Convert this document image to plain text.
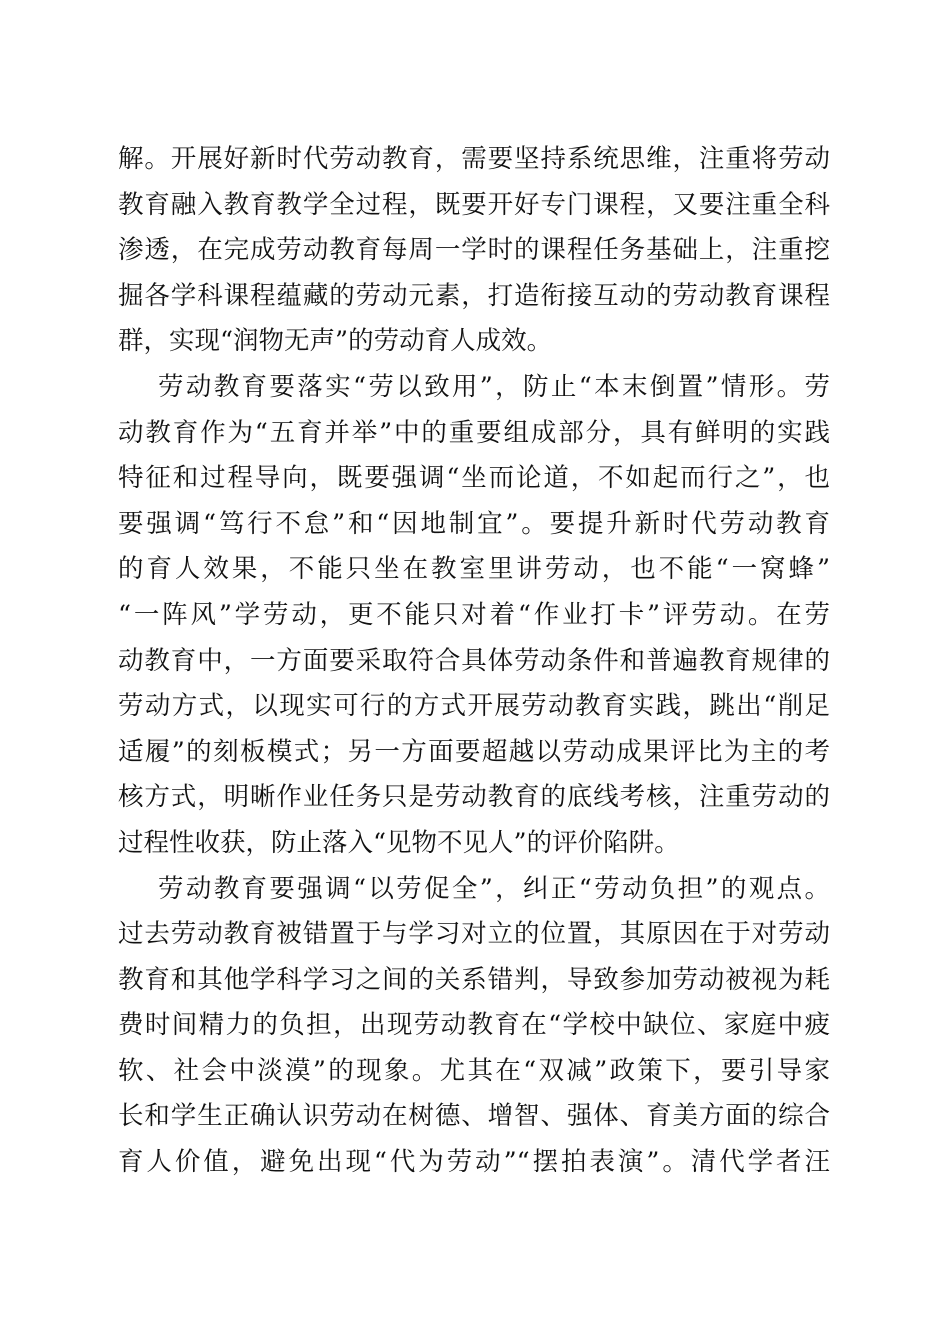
解。开展好新时代劳动教育，需要坚持系统思维，注重将劳动
教育融入教育教学全过程，既要开好专门课程，又要注重全科
渗透，在完成劳动教育每周一学时的课程任务基础上，注重挖
掘各学科课程蕴藏的劳动元素，打造衔接互动的劳动教育课程
群，实现“润物无声”的劳动育人成效。
劳动教育要落实“劳以致用”，防止“本末倒置”情形。劳
动教育作为“五育并举”中的重要组成部分，具有鲜明的实践
特征和过程导向，既要强调“坐而论道，不如起而行之”，也
要强调“笃行不怠”和“因地制宜”。要提升新时代劳动教育
的育人效果，不能只坐在教室里讲劳动，也不能“一窝蜂”
“一阵风”学劳动，更不能只对着“作业打卡”评劳动。在劳
动教育中，一方面要采取符合具体劳动条件和普遍教育规律的
劳动方式，以现实可行的方式开展劳动教育实践，跳出“削足
适履”的刻板模式；另一方面要超越以劳动成果评比为主的考
核方式，明晰作业任务只是劳动教育的底线考核，注重劳动的
过程性收获，防止落入“见物不见人”的评价陷阱。
劳动教育要强调“以劳促全”，纠正“劳动负担”的观点。
过去劳动教育被错置于与学习对立的位置，其原因在于对劳动
教育和其他学科学习之间的关系错判，导致参加劳动被视为耗
费时间精力的负担，出现劳动教育在“学校中缺位、家庭中疲
软、社会中淡漠”的现象。尤其在“双减”政策下，要引导家
长和学生正确认识劳动在树德、增智、强体、育美方面的综合
育人价值，避免出现“代为劳动”“摆拍表演”。清代学者汪
